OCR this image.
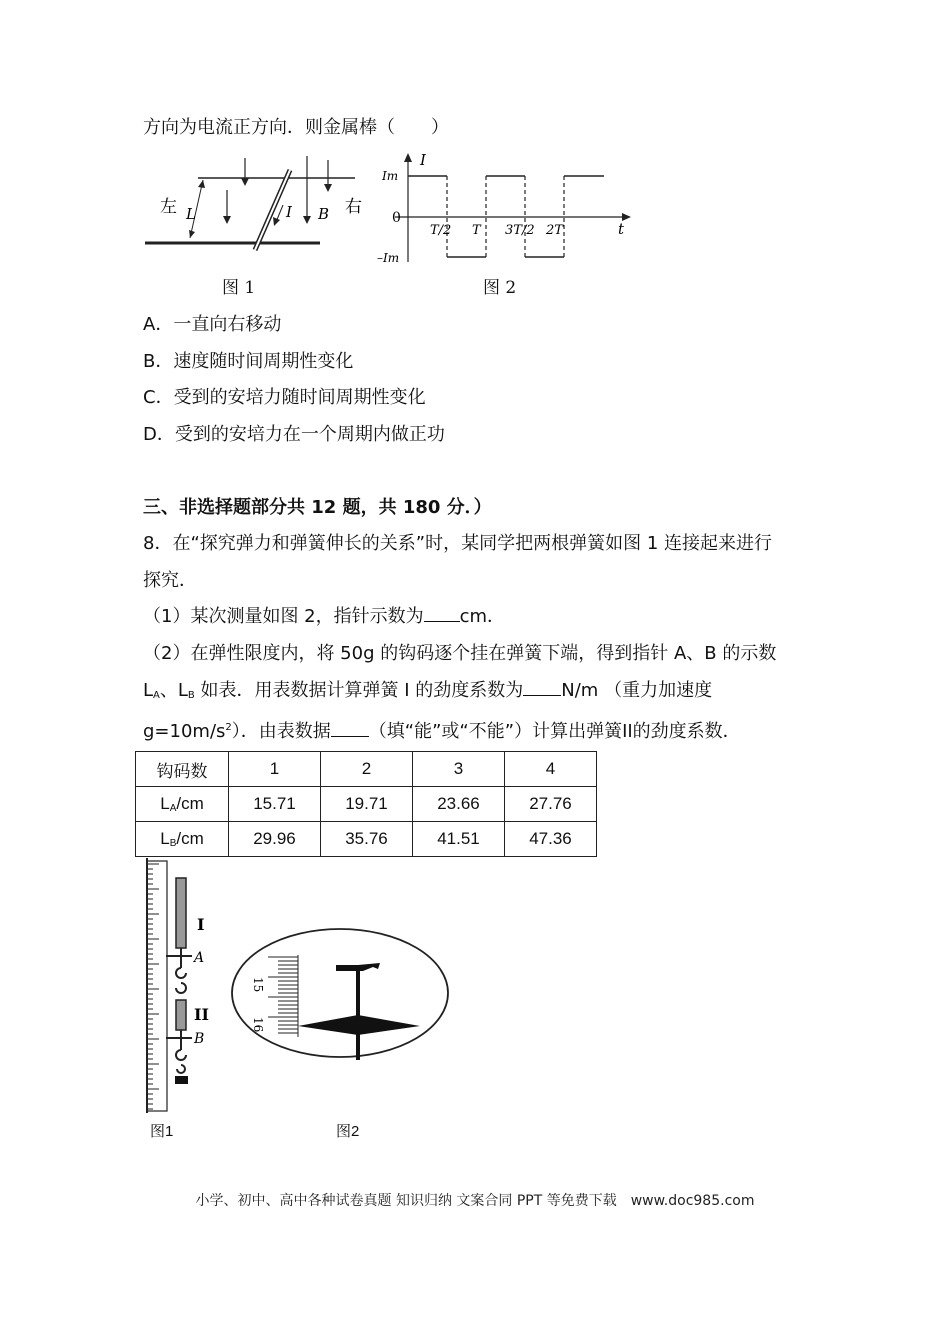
方向为电流正方向．则金属棒（　　）
左	右
L	I B
图 1
I
Im
0
–Im
t
T/2 T 3T/2 2T
图 2
A．一直向右移动
B．速度随时间周期性变化
C．受到的安培力随时间周期性变化
D．受到的安培力在一个周期内做正功
三、非选择题部分共 12 题，共 180 分．）
8．在“探究弹力和弹簧伸长的关系”时，某同学把两根弹簧如图 1 连接起来进行
探究．
（1）某次测量如图 2，指针示数为 cm．
（2）在弹性限度内，将 50g 的钩码逐个挂在弹簧下端，得到指针 A、B 的示数
$L_A$、$L_B$ 如表．用表数据计算弹簧 I 的劲度系数为 N/m （重力加速度
$g=10m/s^2$）．由表数据 （填“能”或“不能”）计算出弹簧II的劲度系数．
钩码数	1	2	3	4
$L_A/cm$	15.71	19.71	23.66	27.76
$L_B/cm$	29.96	35.76	41.51	47.36
I
A
II
B
15
16
图1	图2
小学、初中、高中各种试卷真题 知识归纳 文案合同 PPT 等免费下载　www.doc985.com
